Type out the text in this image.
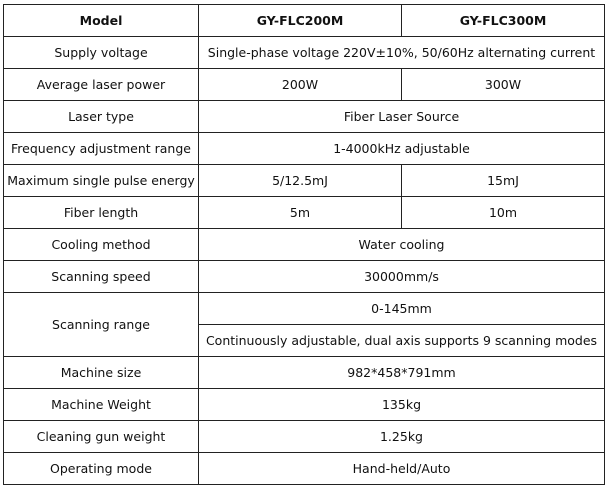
Model	GY-FLC200M	GY-FLC300M
Supply voltage	Single-phase voltage 220V±10%, 50/60Hz alternating current	
Average laser power	200W	300W
Laser type	Fiber Laser Source	
Frequency adjustment range	1-4000kHz adjustable	
Maximum single pulse energy	5/12.5mJ	15mJ
Fiber length	5m	10m
Cooling method	Water cooling	
Scanning speed	30000mm/s	
Scanning range	0-145mm	
	Continuously adjustable, dual axis supports 9 scanning modes	
Machine size	982*458*791mm	
Machine Weight	135kg	
Cleaning gun weight	1.25kg	
Operating mode	Hand-held/Auto	
